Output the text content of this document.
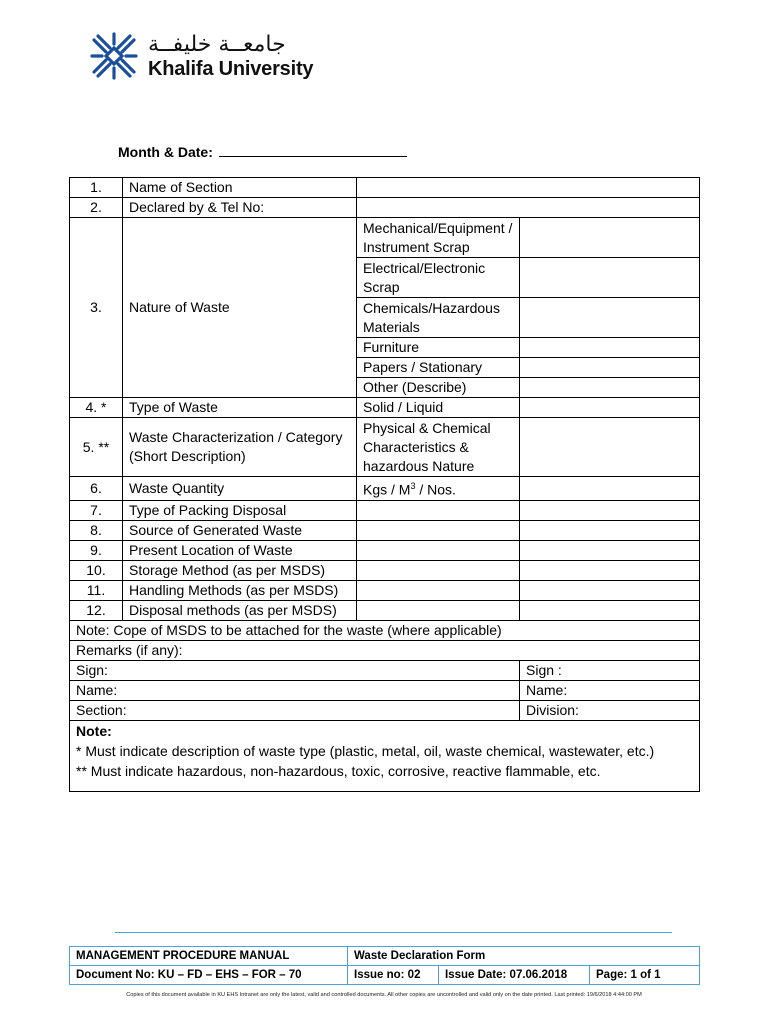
جامعــة خليفــة
Khalifa University
Month & Date:
1.	Name of Section		
2.	Declared by & Tel No:		
3.	Nature of Waste	Mechanical/Equipment / Instrument Scrap	
		Electrical/Electronic Scrap	
		Chemicals/Hazardous Materials	
		Furniture	
		Papers / Stationary	
		Other (Describe)	
4. *	Type of Waste	Solid / Liquid	
5. **	Waste Characterization / Category (Short Description)	Physical & Chemical Characteristics & hazardous Nature	
6.	Waste Quantity	Kgs / $M^3$ / Nos.	
7.	Type of Packing Disposal		
8.	Source of Generated Waste		
9.	Present Location of Waste		
10.	Storage Method (as per MSDS)		
11.	Handling Methods (as per MSDS)		
12.	Disposal methods (as per MSDS)		
Note: Cope of MSDS to be attached for the waste (where applicable)			
Remarks (if any):			
Sign:			Sign :
Name:			Name:
Section:			Division:

Note:
* Must indicate description of waste type (plastic, metal, oil, waste chemical, wastewater, etc.)
** Must indicate hazardous, non-hazardous, toxic, corrosive, reactive flammable, etc.			
MANAGEMENT PROCEDURE MANUAL	Waste Declaration Form		
Document No: KU – FD – EHS – FOR – 70	Issue no: 02	Issue Date: 07.06.2018	Page: 1 of 1
Copies of this document available in KU EHS Intranet are only the latest, valid and controlled documents. All other copies are uncontrolled and valid only on the date printed. Last printed: 19/6/2018 4:44:00 PM
